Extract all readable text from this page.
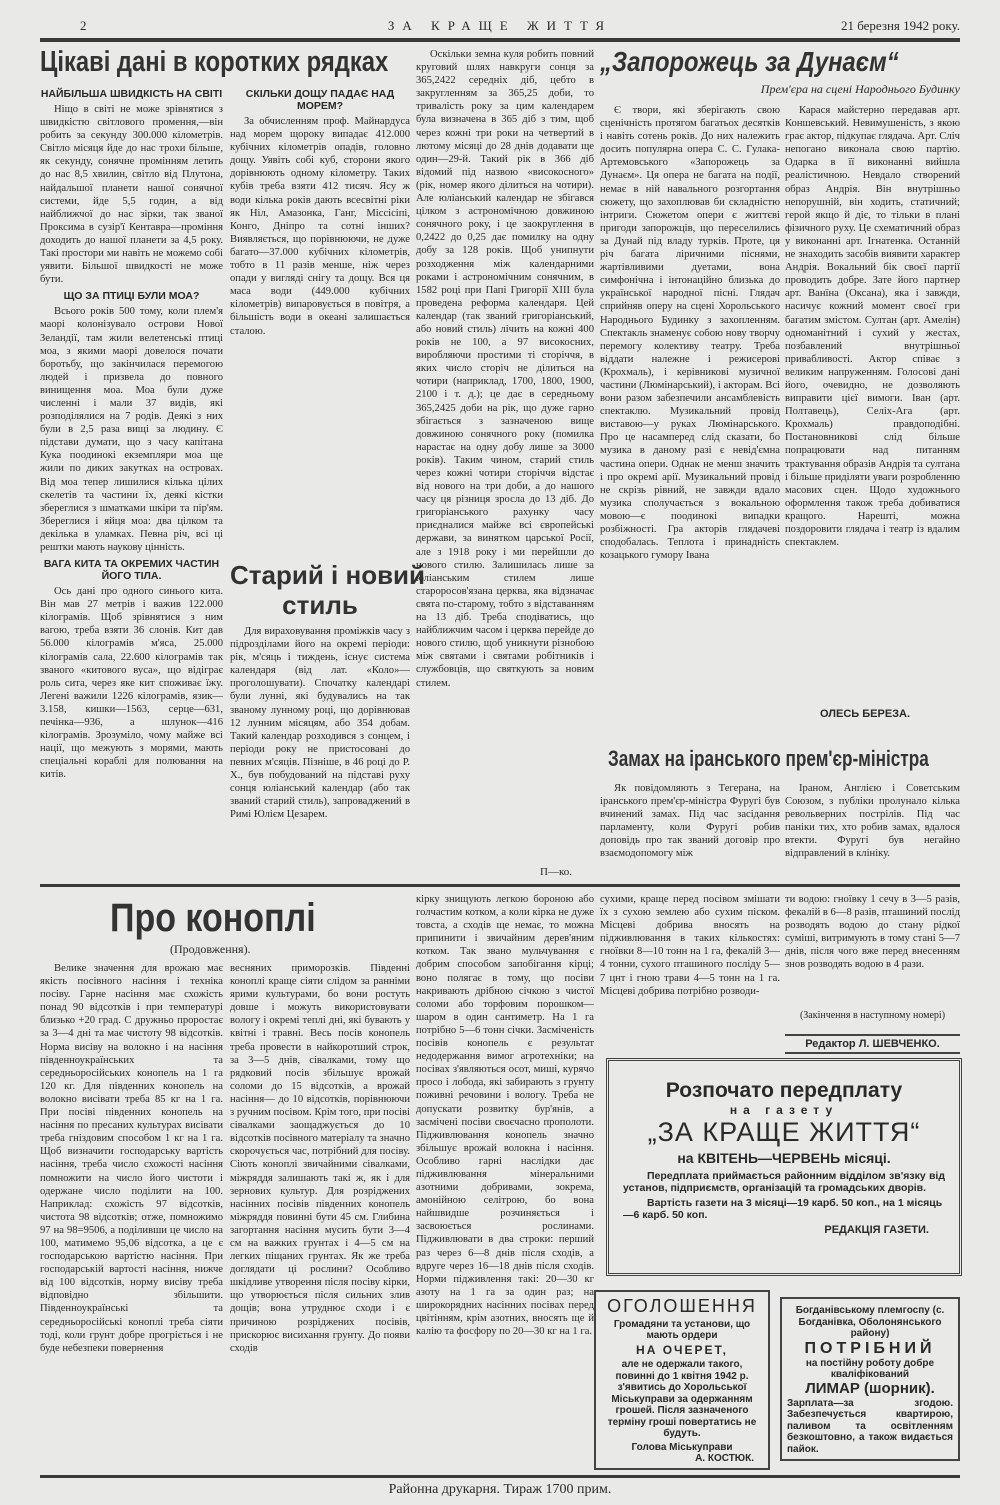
2	ЗА КРАЩЕ ЖИТТЯ	21 березня 1942 року.
Цікаві дані в коротких рядках
НАЙБІЛЬША ШВИДКІСТЬ НА СВІТІ

Ніщо в світі не може зрівнятися з швидкістю світлового промення,—він робить за секунду 300.000 кілометрів. Світло місяця йде до нас трохи більше, як секунду, сонячне промінням летить до нас 8,5 хвилин, світло від Плутона, найдальшої планети нашої сонячної системи, йде 5,5 годин, а від найближчої до нас зірки, так званої Проксима в сузір'ї Кентавра—проміння доходить до нашої планети за 4,5 року. Такі простори ми навіть не можемо собі уявити. Більшої швидкості не може бути.

ЩО ЗА ПТИЦІ БУЛИ МОА?

Всього років 500 тому, коли плем'я маорі колонізувало острови Нової Зеландії, там жили велетенські птиці моа, з якими маорі довелося почати боротьбу, що закінчилася перемогою людей і призвела до повного винищення моа. Моа були дуже численні і мали 37 видів, які розподілялися на 7 родів. Деякі з них були в 2,5 раза вищі за людину. Є підстави думати, що з часу капітана Кука поодинокі екземпляри моа ще жили по диких закутках на островах. Від моа тепер лишилися кілька цілих скелетів та частини їх, деякі кістки збереглися з шматками шкіри та пір'ям. Збереглися і яйця моа: два цілком та декілька в уламках. Певна річ, всі ці рештки мають наукову цінність.

ВАГА КИТА ТА ОКРЕМИХ ЧАСТИН ЙОГО ТІЛА.

Ось дані про одного синього кита. Він мав 27 метрів і важив 122.000 кілограмів. Щоб зрівнятися з ним вагою, треба взяти 36 слонів. Кит дав 56.000 кілограмів м'яса, 25.000 кілограмів сала, 22.600 кілограмів так званого «китового вуса», що відіграє роль сита, через яке кит споживає їжу. Легені важили 1226 кілограмів, язик—3.158, кишки—1563, серце—631, печінка—936, а шлунок—416 кілограмів. Зрозуміло, чому майже всі нації, що межують з морями, мають спеціальні кораблі для полювання на китів.

СКІЛЬКИ ДОЩУ ПАДАЄ НАД МОРЕМ?

За обчисленням проф. Майнардуса над морем щороку випадає 412.000 кубічних кілометрів опадів, головно дощу. Уявіть собі куб, сторони якого дорівнюють одному кілометру. Таких кубів треба взяти 412 тисяч. Ясу ж води кілька років дають всесвітні ріки як Ніл, Амазонка, Ганг, Міссісіпі, Конго, Дніпро та сотні інших? Виявляється, що порівнюючи, не дуже багато—37.000 кубічних кілометрів, тобто в 11 разів менше, ніж через опади у вигляді снігу та дощу. Вся ця маса води (449.000 кубічних кілометрів) випаровується в повітря, а більшість води в океані залишається сталою.

Старий і новий
стиль

Для вираховування проміжків часу з підрозділами його на окремі періоди: рік, м'сяць і тиждень, існує система календаря (від лат. «Коло»—проголошувати). Спочатку календарі були лунні, які будувались на так званому лунному році, що дорівнював 12 лунним місяцям, або 354 добам. Такий календар розходився з сонцем, і періоди року не пристосовані до певних м'сяців. Пізніше, в 46 році до Р. Х., був побудований на підставі руху сонця юліанський календар (або так званий старий стиль), запроваджений в Римі Юлієм Цезарем.

Оскільки земна куля робить повний круговий шлях навкруги сонця за 365,2422 середніх діб, цебто в закругленням за 365,25 доби, то тривалість року за цим календарем була визначена в 365 діб з тим, щоб через кожні три роки на четвертий в лютому місяці до 28 днів додавати ще один—29-й. Такий рік в 366 діб відомий під назвою «високосного» (рік, номер якого ділиться на чотири). Але юліанський календар не збігався цілком з астрономічною довжиною сонячного року, і це заокруглення в 0,2422 до 0,25 дає помилку на одну добу за 128 років. Щоб унипнути розходження між календарними роками і астрономічним сонячним, в 1582 році при Папі Григорії XIII була проведена реформа календаря. Цей календар (так званий григоріанський, або новий стиль) лічить на кожні 400 років не 100, а 97 високосних, виробляючи простими ті сторіччя, в яких число сторіч не ділиться на чотири (наприклад, 1700, 1800, 1900, 2100 і т. д.); це дає в середньому 365,2425 доби на рік, що дуже гарно збігається з зазначеною вище довжиною сонячного року (помилка нарастає на одну добу лише за 3000 років). Таким чином, старий стиль через кожні чотири сторіччя відстає від нового на три доби, а до нашого часу ця різниця зросла до 13 діб. До григоріанського рахунку часу приєдналися майже всі європейські держави, за винятком царської Росії, але з 1918 року і ми перейшли до нового стилю. Залишилась лише за юліанським стилем лише староросов'язана церква, яка відзначає свята по-старому, тобто з відставанням на 13 діб. Треба сподіватись, що найближчим часом і церква перейде до нового стилю, щоб уникнути різнобою між святами і святами робітників і службовців, що святкують за новим стилем.

П—ко.
„Запорожець за Дунаєм“
Прем'єра на сцені Народнього Будинку

Є твори, які зберігають свою сценічність протягом багатьох десятків і навіть сотень років. До них належить досить популярна опера С. С. Гулака-Артемовського «Запорожець за Дунаєм». Ця опера не багата на події, немає в ній навального розгортання сюжету, що захоплював би складністю інтриги. Сюжетом опери є життєві пригоди запорожців, що переселились за Дунай під владу турків. Проте, ця річ багата ліричними піснями, жартівливими дуетами, вона симфонічна і інтонаційно близька до української народної пісні. Глядач сприйняв оперу на сцені Хорольського Народнього Будинку з захопленням. Спектакль знаменує собою нову творчу перемогу колективу театру. Треба віддати належне і режисерові (Крохмаль), і керівникові музичної частини (Люмінарський), і акторам. Всі вони разом забезпечили ансамблевість спектаклю. Музикальний провід виставою—у руках Люмінарського. Про це насамперед слід сказати, бо музика в даному разі є невід'ємна частина опери. Однак не менш значить і про окремі арії. Музикальний провід не скрізь рівний, не завжди вдало музика сполучається з вокальною мовою—є поодинокі випадки розбіжності. Гра акторів глядачеві сподобалась. Теплота і принадність козацького гумору Івана

Карася майстерно передавав арт. Коншевський. Невимушеність, з якою грає актор, підкупає глядача. Арт. Сліч непогано виконала свою партію. Одарка в її виконанні вийшла реалістичною. Невдало створений образ Андрія. Він внутрішньо непорушній, він ходить, статичний; герой якщо й діє, то тільки в плані фізичного руху. Це схематичний образ у виконанні арт. Ігнатенка. Останній не знаходить засобів виявити характер Андрія. Вокальний бік своєї партії проводить добре. Зате його партнер арт. Ванїна (Оксана), яка і завжди, насичує кожний момент своєї гри багатим змістом. Султан (арт. Амелін) одноманітний і сухий у жестах, позбавлений внутрішньої привабливості. Актор співає з великим напруженням. Голосові дані його, очевидно, не дозволяють виправити цієї вимоги. Іван (арт. Полтавець), Селіх-Ага (арт. Крохмаль) правдоподібні. Постановникові слід більше попрацювати над питанням трактування образів Андрія та султана і більше приділяти уваги розробленню масових сцен. Щодо художнього оформлення також треба добиватися кращого. Нарешті, можна поздоровити глядача і театр із вдалим спектаклем.

ОЛЕСЬ БЕРЕЗА.
Замах на іранського прем'єр-міністра

Як повідомляють з Тегерана, на іранського прем'єр-міністра Фуругі був вчинений замах. Під час засідання парламенту, коли Фуругі робив доповідь про так званий договір про взаємодопомогу між

Іраном, Англією і Советським Союзом, з публіки пролунало кілька револьверних пострілів. Під час паніки тих, хто робив замах, вдалося втекти. Фуругі був негайно відправлений в клініку.

Про коноплі
(Продовження).

Велике значення для врожаю має якість посівного насіння і техніка посіву. Гарне насіння має схожість понад 90 відсотків і при температурі близько +20 град. С дружньо проростає за 3—4 дні та має чистоту 98 відсотків. Норма висіву на волокно і на насіння південноукраїнських та середньоросійських конопель на 1 га 120 кг. Для південних конопель на волокно висівати треба 85 кг на 1 га. При посіві південних конопель на насіння по пресаних культурах висівати треба гніздовим способом 1 кг на 1 га. Щоб визначити господарську вартість насіння, треба число схожості насіння помножити на число його чистоти і одержане число поділити на 100. Наприклад: схожість 97 відсотків, чистота 98 відсотків; отже, помножимо 97 на 98=9506, а поділивши це число на 100, матимемо 95,06 відсотка, а це є господарською вартістю насіння. При господарській вартості насіння, нижче від 100 відсотків, норму висіву треба відповідно збільшити. Південноукраїнські та середньоросійські коноплі треба сіяти тоді, коли грунт добре прогріється і не буде небезпеки повернення

весняних приморозків. Південні коноплі краще сіяти слідом за ранніми ярими культурами, бо вони ростуть довше і можуть використовувати вологу і окремі теплі дні, які бувають у квітні і травні. Весь посів конопель треба провести в найкоротший строк, за 3—5 днів, сівалками, тому що рядковий посів збільшує врожай соломи до 15 відсотків, а врожай насіння— до 10 відсотків, порівнюючи з ручним посівом. Крім того, при посіві сівалками заощаджується до 10 відсотків посівного матеріалу та значно скорочується час, потрібний для посіву. Сіють коноплі звичайними сівалками, міжряддя залишають такі ж, як і для зернових культур. Для розріджених насінних посівів південних конопель міжряддя повинні бути 45 см. Глибина загортання насіння мусить бути 3—4 см на важких грунтах і 4—5 см на легких піщаних грунтах. Як же треба доглядати ці рослини? Особливо шкідливе утворення після посіву кірки, що утворюється після сильних злив дощів; вона утруднює сходи і є причиною розріджених посівів, прискорює висихання грунту. До появи сходів

кірку знищують легкою бороною або голчастим котком, а коли кірка не дуже товста, а сходів ще немає, то можна припинити і звичайним дерев'яним котком. Так звано мульчування є добрим способом запобігання кірці; воно полягає в тому, що посіви накривають дрібною січкою з чистої соломи або торфовим порошком—шаром в один сантиметр. На 1 га потрібно 5—6 тонн січки. Засміченість посівів конопель є результат недодержання вимог агротехніки; на посівах з'являються осот, миші, курячо просо і лобода, які забирають з грунту поживні речовини і вологу. Треба не допускати розвитку бур'янів, а засмічені посіви своєчасно прополоти. Підживлювання конопель значно збільшує врожай волокна і насіння. Особливо гарні наслідки дає підживлювання мінеральними азотними добривами, зокрема, амонійною селітрою, бо вона найшвидше розчиняється і засвоюється рослинами. Підживлювати в два строки: перший раз через 6—8 днів після сходів, а вдруге через 16—18 днів після сходів. Норми підживлення такі: 20—30 кг азоту на 1 га за один раз; на широкорядних насінних посівах перед цвітінням, крім азотних, вносять ще й калію та фосфору по 20—30 кг на 1 га.

сухими, краще перед посівом змішати їх з сухою землею або сухим піском. Місцеві добрива вносять на підживлювання в таких кількостях: гноївки 8—10 тонн на 1 га, фекалій 3—4 тонни, сухого пташиного посліду 5—7 цнт і гною трави 4—5 тонн на 1 га. Місцеві добрива потрібно розводи-

ти водою: гноївку 1 сечу в 3—5 разів, фекалій в 6—8 разів, пташиний послід розводять водою до стану рідкої суміші, витримують в тому стані 5—7 днів, після чого вже перед внесенням знов розводять водою в 4 рази.

(Закінчення в наступному номері)
Редактор Л. ШЕВЧЕНКО.
Розпочато передплату
на газету
„ЗА КРАЩЕ ЖИТТЯ“
на КВІТЕНЬ—ЧЕРВЕНЬ місяці.
Передплата приймається районним відділом зв'язку від установ, підприємств, організацій та громадських дворів.
Вартість газети на 3 місяці—19 карб. 50 коп., на 1 місяць—6 карб. 50 коп.
РЕДАКЦІЯ ГАЗЕТИ.
ОГОЛОШЕННЯ
Громадяни та установи, що мають ордери
НА ОЧЕРЕТ,
але не одержали такого, повинні до 1 квітня 1942 р. з'явитись до Хорольської Міськуправи за одержанням грошей. Після зазначеного терміну гроші повертатись не будуть.
Голова Міськуправи
А. КОСТЮК.
Богданівському племгоспу (с. Богданівка, Оболонянського району)
ПОТРІБНИЙ
на постійну роботу добре кваліфікований
ЛИМАР (шорник).
Зарплата—за згодою. Забезпечується квартирою, паливом та освітленням безкоштовно, а також видається пайок.
Районна друкарня. Тираж 1700 прим.
